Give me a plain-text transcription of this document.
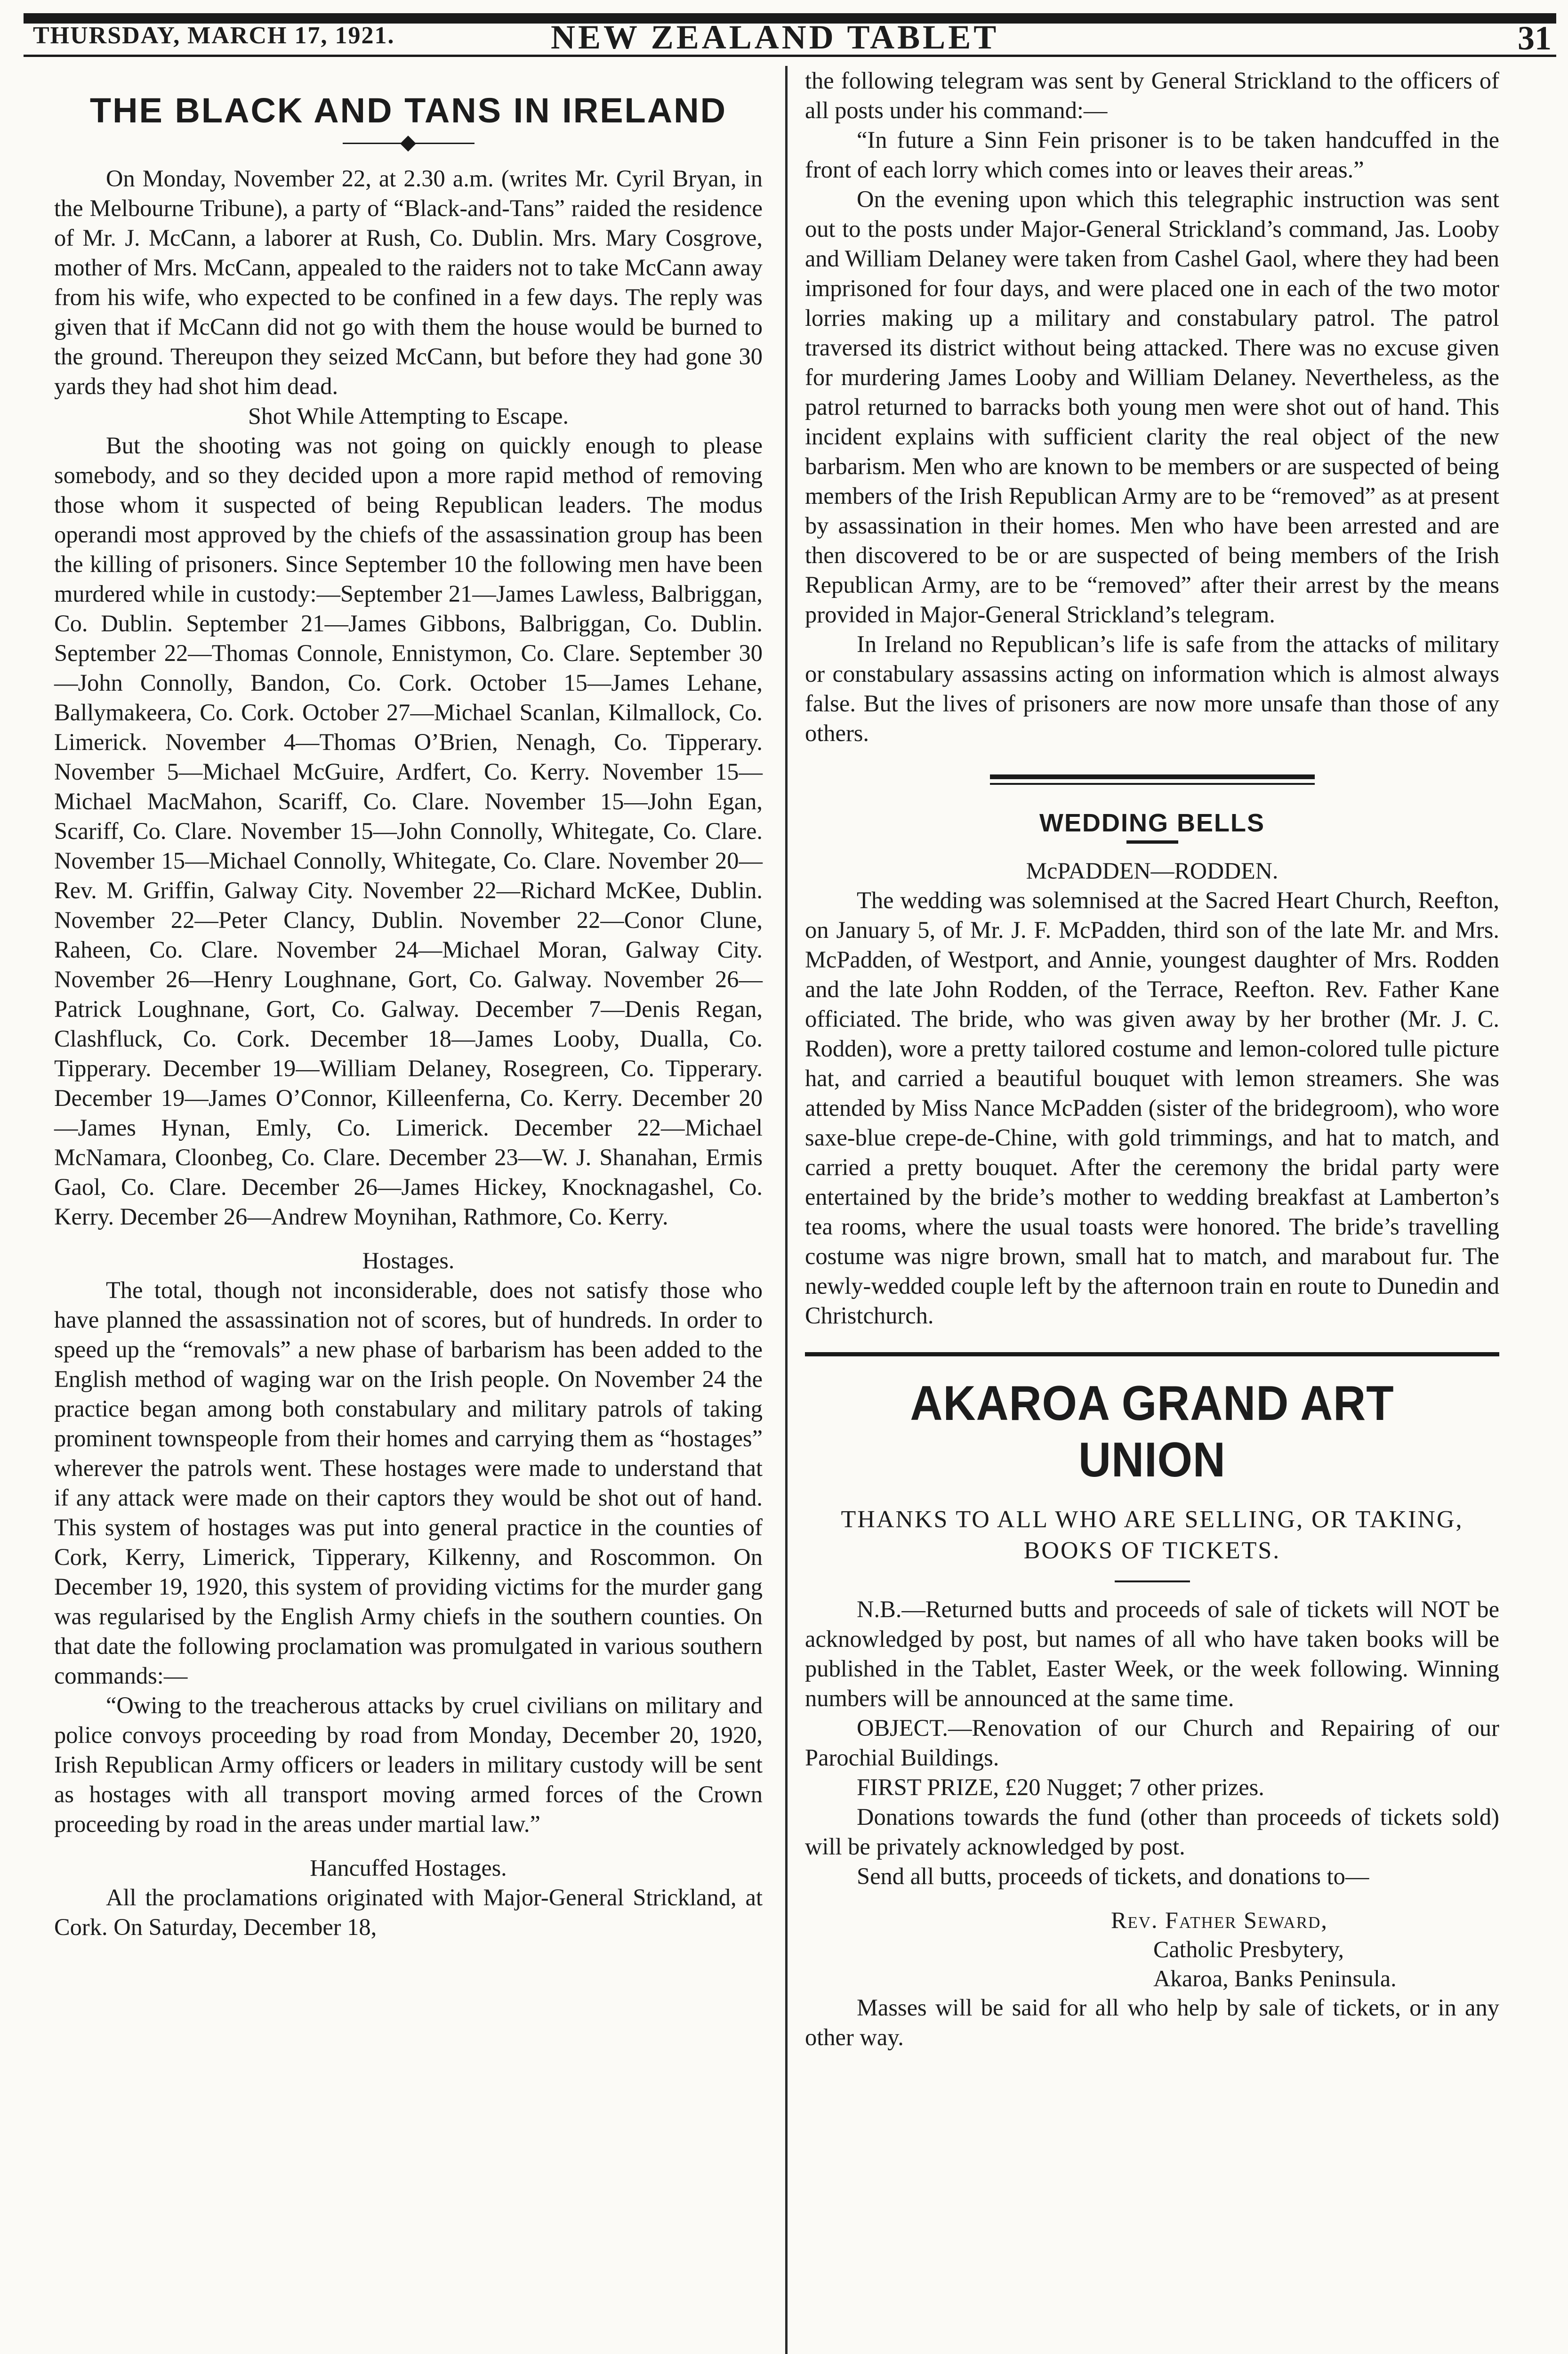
THURSDAY, MARCH 17, 1921.	NEW ZEALAND TABLET	31
THE BLACK AND TANS IN IRELAND

On Monday, November 22, at 2.30 a.m. (writes Mr. Cyril Bryan, in the Melbourne Tribune), a party of “Black-and-Tans” raided the residence of Mr. J. McCann, a laborer at Rush, Co. Dublin. Mrs. Mary Cosgrove, mother of Mrs. McCann, appealed to the raiders not to take McCann away from his wife, who expected to be confined in a few days. The reply was given that if McCann did not go with them the house would be burned to the ground. Thereupon they seized McCann, but before they had gone 30 yards they had shot him dead.

Shot While Attempting to Escape.

But the shooting was not going on quickly enough to please somebody, and so they decided upon a more rapid method of removing those whom it suspected of being Republican leaders. The modus operandi most approved by the chiefs of the assassination group has been the killing of prisoners. Since September 10 the following men have been murdered while in custody:—September 21—James Lawless, Balbriggan, Co. Dublin. September 21—James Gibbons, Balbriggan, Co. Dublin. September 22—Thomas Connole, Ennistymon, Co. Clare. September 30—John Connolly, Bandon, Co. Cork. October 15—James Lehane, Ballymakeera, Co. Cork. October 27—Michael Scanlan, Kilmallock, Co. Limerick. November 4—Thomas O’Brien, Nenagh, Co. Tipperary. November 5—Michael McGuire, Ardfert, Co. Kerry. November 15—Michael MacMahon, Scariff, Co. Clare. November 15—John Egan, Scariff, Co. Clare. November 15—John Connolly, Whitegate, Co. Clare. November 15—Michael Connolly, Whitegate, Co. Clare. November 20—Rev. M. Griffin, Galway City. November 22—Richard McKee, Dublin. November 22—Peter Clancy, Dublin. November 22—Conor Clune, Raheen, Co. Clare. November 24—Michael Moran, Galway City. November 26—Henry Loughnane, Gort, Co. Galway. November 26—Patrick Loughnane, Gort, Co. Galway. December 7—Denis Regan, Clashfluck, Co. Cork. December 18—James Looby, Dualla, Co. Tipperary. December 19—William Delaney, Rosegreen, Co. Tipperary. December 19—James O’Connor, Killeenferna, Co. Kerry. December 20—James Hynan, Emly, Co. Limerick. December 22—Michael McNamara, Cloonbeg, Co. Clare. December 23—W. J. Shanahan, Ermis Gaol, Co. Clare. December 26—James Hickey, Knocknagashel, Co. Kerry. December 26—Andrew Moynihan, Rathmore, Co. Kerry.

Hostages.

The total, though not inconsiderable, does not satisfy those who have planned the assassination not of scores, but of hundreds. In order to speed up the “removals” a new phase of barbarism has been added to the English method of waging war on the Irish people. On November 24 the practice began among both constabulary and military patrols of taking prominent townspeople from their homes and carrying them as “hostages” wherever the patrols went. These hostages were made to understand that if any attack were made on their captors they would be shot out of hand. This system of hostages was put into general practice in the counties of Cork, Kerry, Limerick, Tipperary, Kilkenny, and Roscommon. On December 19, 1920, this system of providing victims for the murder gang was regularised by the English Army chiefs in the southern counties. On that date the following proclamation was promulgated in various southern commands:—

“Owing to the treacherous attacks by cruel civilians on military and police convoys proceeding by road from Monday, December 20, 1920, Irish Republican Army officers or leaders in military custody will be sent as hostages with all transport moving armed forces of the Crown proceeding by road in the areas under martial law.”

Hancuffed Hostages.

All the proclamations originated with Major-General Strickland, at Cork. On Saturday, December 18,

the following telegram was sent by General Strickland to the officers of all posts under his command:—

“In future a Sinn Fein prisoner is to be taken handcuffed in the front of each lorry which comes into or leaves their areas.”

On the evening upon which this telegraphic instruction was sent out to the posts under Major-General Strickland’s command, Jas. Looby and William Delaney were taken from Cashel Gaol, where they had been imprisoned for four days, and were placed one in each of the two motor lorries making up a military and constabulary patrol. The patrol traversed its district without being attacked. There was no excuse given for murdering James Looby and William Delaney. Nevertheless, as the patrol returned to barracks both young men were shot out of hand. This incident explains with sufficient clarity the real object of the new barbarism. Men who are known to be members or are suspected of being members of the Irish Republican Army are to be “removed” as at present by assassination in their homes. Men who have been arrested and are then discovered to be or are suspected of being members of the Irish Republican Army, are to be “removed” after their arrest by the means provided in Major-General Strickland’s telegram.

In Ireland no Republican’s life is safe from the attacks of military or constabulary assassins acting on information which is almost always false. But the lives of prisoners are now more unsafe than those of any others.

WEDDING BELLS
McPADDEN—RODDEN.

The wedding was solemnised at the Sacred Heart Church, Reefton, on January 5, of Mr. J. F. McPadden, third son of the late Mr. and Mrs. McPadden, of Westport, and Annie, youngest daughter of Mrs. Rodden and the late John Rodden, of the Terrace, Reefton. Rev. Father Kane officiated. The bride, who was given away by her brother (Mr. J. C. Rodden), wore a pretty tailored costume and lemon-colored tulle picture hat, and carried a beautiful bouquet with lemon streamers. She was attended by Miss Nance McPadden (sister of the bridegroom), who wore saxe-blue crepe-de-Chine, with gold trimmings, and hat to match, and carried a pretty bouquet. After the ceremony the bridal party were entertained by the bride’s mother to wedding breakfast at Lamberton’s tea rooms, where the usual toasts were honored. The bride’s travelling costume was nigre brown, small hat to match, and marabout fur. The newly-wedded couple left by the afternoon train en route to Dunedin and Christchurch.

AKAROA GRAND ART UNION
THANKS TO ALL WHO ARE SELLING, OR TAKING, BOOKS OF TICKETS.

N.B.—Returned butts and proceeds of sale of tickets will NOT be acknowledged by post, but names of all who have taken books will be published in the Tablet, Easter Week, or the week following. Winning numbers will be announced at the same time.

OBJECT.—Renovation of our Church and Repairing of our Parochial Buildings.

FIRST PRIZE, £20 Nugget; 7 other prizes.

Donations towards the fund (other than proceeds of tickets sold) will be privately acknowledged by post.

Send all butts, proceeds of tickets, and donations to—

Rev. Father Seward,
Catholic Presbytery,
Akaroa, Banks Peninsula.

Masses will be said for all who help by sale of tickets, or in any other way.
